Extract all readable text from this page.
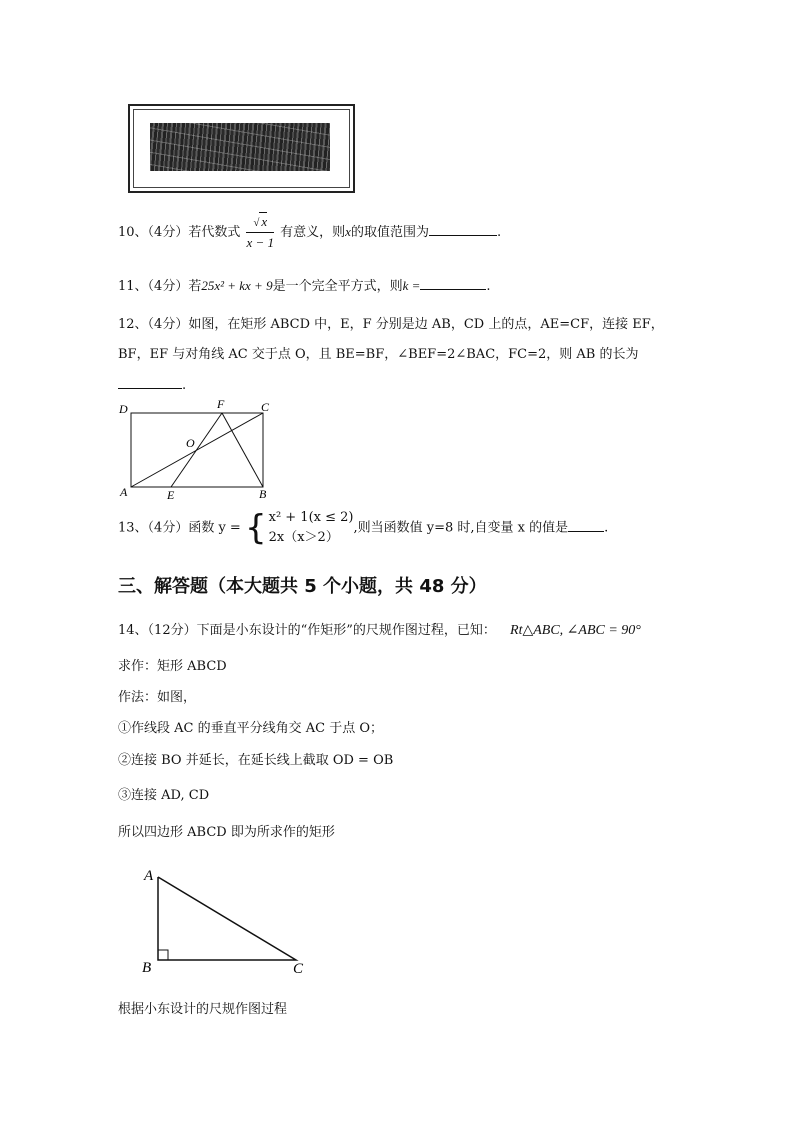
10、（4分）若代数式 $\frac{√ x}{x - 1}$ 有意义，则x的取值范围为	.
11、（4分）若25x² + kx + 9是一个完全平方式，则k =	.
12、（4分）如图，在矩形 ABCD 中，E，F 分别是边 AB，CD 上的点，AE=CF，连接 EF，
BF，EF 与对角线 AC 交于点 O，且 BE=BF，∠BEF=2∠BAC，FC=2，则 AB 的长为
.
D	F	C
O
A	E	B
13、（4分）函数 y = { x² + 1(x ≤ 2)
2x（x＞2）
,则当函数值 y=8 时,自变量 x 的值是	.
三、解答题（本大题共 5 个小题，共 48 分）
14、（12分）下面是小东设计的“作矩形”的尺规作图过程，已知： Rt△ABC, ∠ABC = 90°
求作：矩形 ABCD
作法：如图，
①作线段 AC 的垂直平分线角交 AC 于点 O；
②连接 BO 并延长，在延长线上截取 OD = OB
③连接 AD, CD
所以四边形 ABCD 即为所求作的矩形
A
B	C
根据小东设计的尺规作图过程
